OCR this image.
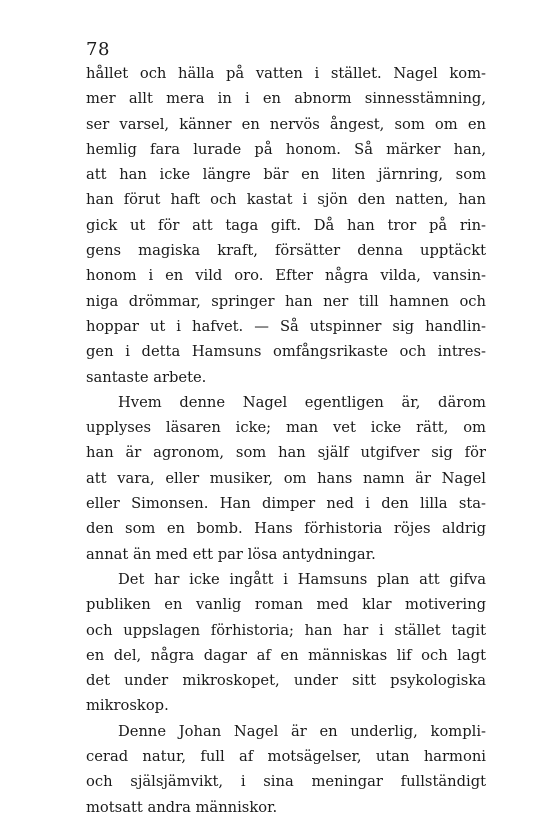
78
hållet och hälla på vatten i stället. Nagel kom-
mer allt mera in i en abnorm sinnesstämning,
ser varsel, känner en nervös ångest, som om en
hemlig fara lurade på honom. Så märker han,
att han icke längre bär en liten järnring, som
han förut haft och kastat i sjön den natten, han
gick ut för att taga gift. Då han tror på rin-
gens magiska kraft, försätter denna upptäckt
honom i en vild oro. Efter några vilda, vansin-
niga drömmar, springer han ner till hamnen och
hoppar ut i hafvet. — Så utspinner sig handlin-
gen i detta Hamsuns omfångsrikaste och intres-
santaste arbete.
Hvem denne Nagel egentligen är, därom
upplyses läsaren icke; man vet icke rätt, om
han är agronom, som han själf utgifver sig för
att vara, eller musiker, om hans namn är Nagel
eller Simonsen. Han dimper ned i den lilla sta-
den som en bomb. Hans förhistoria röjes aldrig
annat än med ett par lösa antydningar.
Det har icke ingått i Hamsuns plan att gifva
publiken en vanlig roman med klar motivering
och uppslagen förhistoria; han har i stället tagit
en del, några dagar af en människas lif och lagt
det under mikroskopet, under sitt psykologiska
mikroskop.
Denne Johan Nagel är en underlig, kompli-
cerad natur, full af motsägelser, utan harmoni
och själsjämvikt, i sina meningar fullständigt
motsatt andra människor.
